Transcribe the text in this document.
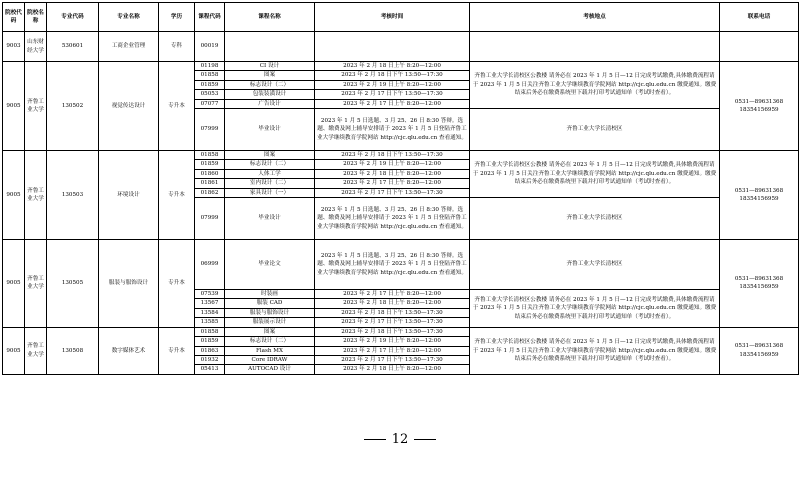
院校代码	院校名称	专业代码	专业名称	学历	课程代码	课程名称	考核时间	考核地点	联系电话
9003	山东财经大学	530601	工商企业管理	专科	00019				
9005	齐鲁工业大学	130502	视觉传达设计	专升本	01198	CI 设计	2023 年 2 月 18 日上午 8:20—12:00	齐鲁工业大学长清校区公教楼 请务必在 2023 年 1 月 5 日—12 日完成考试缴费,具体缴费流程请于 2023 年 1 月 5 日关注齐鲁工业大学继续教育学院网站 http://cjc.qlu.edu.cn 缴费通知。缴费结束后务必在缴费系统里下载并打印考试通知单（考试时查看）。	0531—89631368
18354156959
					01858	图案	2023 年 2 月 18 日下午 13:50—17:30		
					01859	标志设计（二）	2023 年 2 月 19 日上午 8:20—12:00		
					05053	包装装潢设计	2023 年 2 月 17 日下午 13:50—17:30		
					07077	广告设计	2023 年 2 月 17 日上午 8:20—12:00		
					07999	毕业设计	2023 年 1 月 5 日选题、3 月 25、26 日 8:30 答辩。选题、缴费及网上辅导安排请于 2023 年 1 月 5 日登陆齐鲁工业大学继续教育学院网站 http://cjc.qlu.edu.cn 查看通知。	齐鲁工业大学长清校区	
9005	齐鲁工业大学	130503	环境设计	专升本	01858	图案	2023 年 2 月 18 日下午 13:50—17:30	齐鲁工业大学长清校区公教楼 请务必在 2023 年 1 月 5 日—12 日完成考试缴费,具体缴费流程请于 2023 年 1 月 5 日关注齐鲁工业大学继续教育学院网站 http://cjc.qlu.edu.cn 缴费通知。缴费结束后务必在缴费系统里下载并打印考试通知单（考试时查看）。	0531—89631368
18354156959
					01859	标志设计（二）	2023 年 2 月 19 日上午 8:20—12:00		
					01860	人体工学	2023 年 2 月 18 日上午 8:20—12:00		
					01861	室内设计（二）	2023 年 2 月 17 日上午 8:20—12:00		
					01862	家具设计（一）	2023 年 2 月 17 日下午 13:50—17:30		
					07999	毕业设计	2023 年 1 月 5 日选题、3 月 25、26 日 8:30 答辩。选题、缴费及网上辅导安排请于 2023 年 1 月 5 日登陆齐鲁工业大学继续教育学院网站 http://cjc.qlu.edu.cn 查看通知。	齐鲁工业大学长清校区	
9005	齐鲁工业大学	130505	服装与服饰设计	专升本	06999	毕业论文	2023 年 1 月 5 日选题、3 月 25、26 日 8:30 答辩。选题、缴费及网上辅导安排请于 2023 年 1 月 5 日登陆齐鲁工业大学继续教育学院网站 http://cjc.qlu.edu.cn 查看通知。	齐鲁工业大学长清校区	0531—89631368
18354156959
					07539	时装画	2023 年 2 月 17 日上午 8:20—12:00	齐鲁工业大学长清校区公教楼 请务必在 2023 年 1 月 5 日—12 日完成考试缴费,具体缴费流程请于 2023 年 1 月 5 日关注齐鲁工业大学继续教育学院网站 http://cjc.qlu.edu.cn 缴费通知。缴费结束后务必在缴费系统里下载并打印考试通知单（考试时查看）。	
					13567	服装 CAD	2023 年 2 月 18 日上午 8:20—12:00		
					13584	服装与服饰设计	2023 年 2 月 18 日下午 13:50—17:30		
					13585	服装展示设计	2023 年 2 月 17 日下午 13:50—17:30		
9005	齐鲁工业大学	130508	数字媒体艺术	专升本	01858	图案	2023 年 2 月 18 日下午 13:50—17:30	齐鲁工业大学长清校区公教楼 请务必在 2023 年 1 月 5 日—12 日完成考试缴费,具体缴费流程请于 2023 年 1 月 5 日关注齐鲁工业大学继续教育学院网站 http://cjc.qlu.edu.cn 缴费通知。缴费结束后务必在缴费系统里下载并打印考试通知单（考试时查看）。	0531—89631368
18354156959
					01859	标志设计（二）	2023 年 2 月 19 日上午 8:20—12:00		
					01863	Flash MX	2023 年 2 月 17 日上午 8:20—12:00		
					01932	Core IDRAW	2023 年 2 月 17 日下午 13:50—17:30		
					05413	AUTOCAD 设计	2023 年 2 月 18 日上午 8:20—12:00		
12
